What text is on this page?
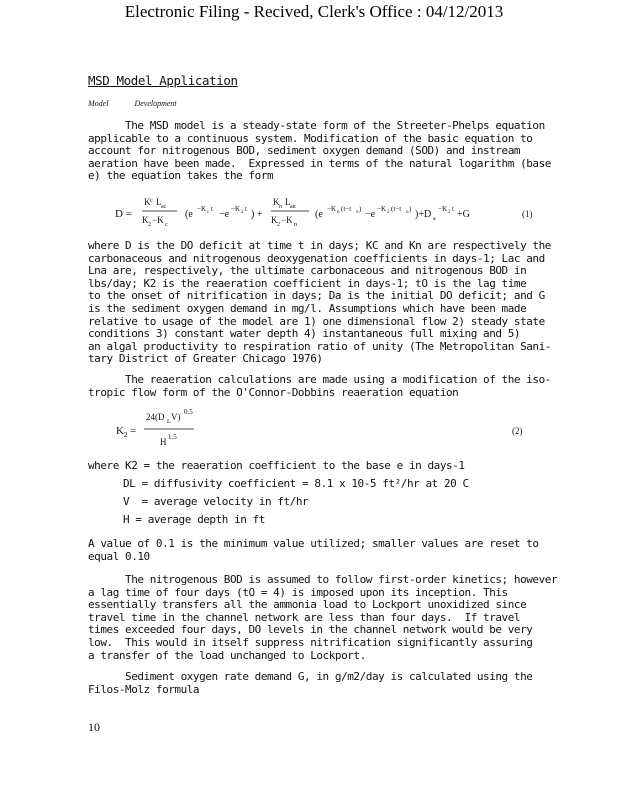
Electronic Filing - Recived, Clerk's Office : 04/12/2013
MSD Model Application
Model	Development
The MSD model is a steady-state form of the Streeter-Phelps equation
applicable to a continuous system. Modification of the basic equation to
account for nitrogenous BOD, sediment oxygen demand (SOD) and instream
aeration have been made.  Expressed in terms of the natural logarithm (base
e) the equation takes the form
D =
K c L ac
K 2 −K c
(e −K c t −e −K 2 t ) +
K n L an
K 2 −K n
(e −K n (t−t o ) −e −K 2 (t−t o ) )+D a
−K 2 t +G	(1)
where D is the DO deficit at time t in days; KC and Kn are respectively the
carbonaceous and nitrogenous deoxygenation coefficients in days-1; Lac and
Lna are, respectively, the ultimate carbonaceous and nitrogenous BOD in
lbs/day; K2 is the reaeration coefficient in days-1; tO is the lag time
to the onset of nitrification in days; Da is the initial DO deficit; and G
is the sediment oxygen demand in mg/l. Assumptions which have been made
relative to usage of the model are 1) one dimensional flow 2) steady state
conditions 3) constant water depth 4) instantaneous full mixing and 5)
an algal productivity to respiration ratio of unity (The Metropolitan Sani-
tary District of Greater Chicago 1976)
The reaeration calculations are made using a modification of the iso-
tropic flow form of the O'Connor-Dobbins reaeration equation
K 2 =
24(D L V) 0.5
H 1.5
(2)
where K2 = the reaeration coefficient to the base e in days-1
DL = diffusivity coefficient = 8.1 x 10-5 ft²/hr at 20 C
V  = average velocity in ft/hr
H = average depth in ft
A value of 0.1 is the minimum value utilized; smaller values are reset to
equal 0.10
The nitrogenous BOD is assumed to follow first-order kinetics; however
a lag time of four days (tO = 4) is imposed upon its inception. This
essentially transfers all the ammonia load to Lockport unoxidized since
travel time in the channel network are less than four days.  If travel
times exceeded four days, DO levels in the channel network would be very
low.  This would in itself suppress nitrification significantly assuring
a transfer of the load unchanged to Lockport.
Sediment oxygen rate demand G, in g/m2/day is calculated using the
Filos-Molz formula
10
